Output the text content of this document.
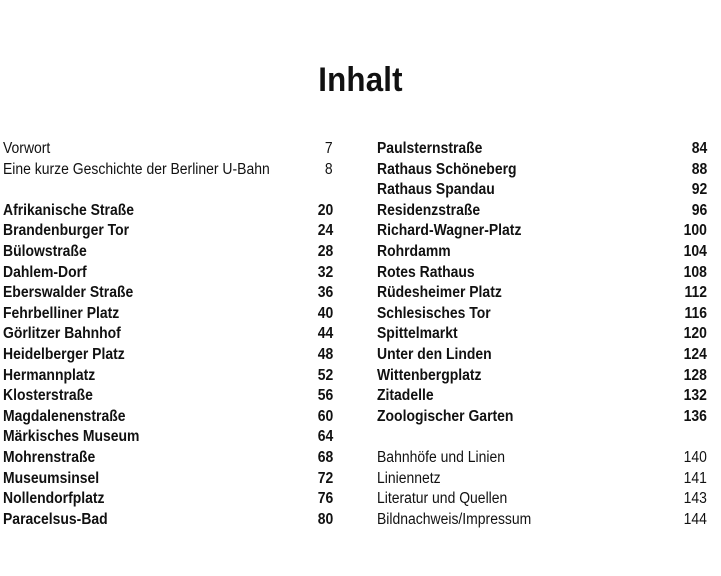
Inhalt
Vorwort	7
Eine kurze Geschichte der Berliner U-Bahn	8
Afrikanische Straße	20
Brandenburger Tor	24
Bülowstraße	28
Dahlem-Dorf	32
Eberswalder Straße	36
Fehrbelliner Platz	40
Görlitzer Bahnhof	44
Heidelberger Platz	48
Hermannplatz	52
Klosterstraße	56
Magdalenenstraße	60
Märkisches Museum	64
Mohrenstraße	68
Museumsinsel	72
Nollendorfplatz	76
Paracelsus-Bad	80
Paulsternstraße	84
Rathaus Schöneberg	88
Rathaus Spandau	92
Residenzstraße	96
Richard-Wagner-Platz	100
Rohrdamm	104
Rotes Rathaus	108
Rüdesheimer Platz	112
Schlesisches Tor	116
Spittelmarkt	120
Unter den Linden	124
Wittenbergplatz	128
Zitadelle	132
Zoologischer Garten	136
Bahnhöfe und Linien	140
Liniennetz	141
Literatur und Quellen	143
Bildnachweis/Impressum	144
